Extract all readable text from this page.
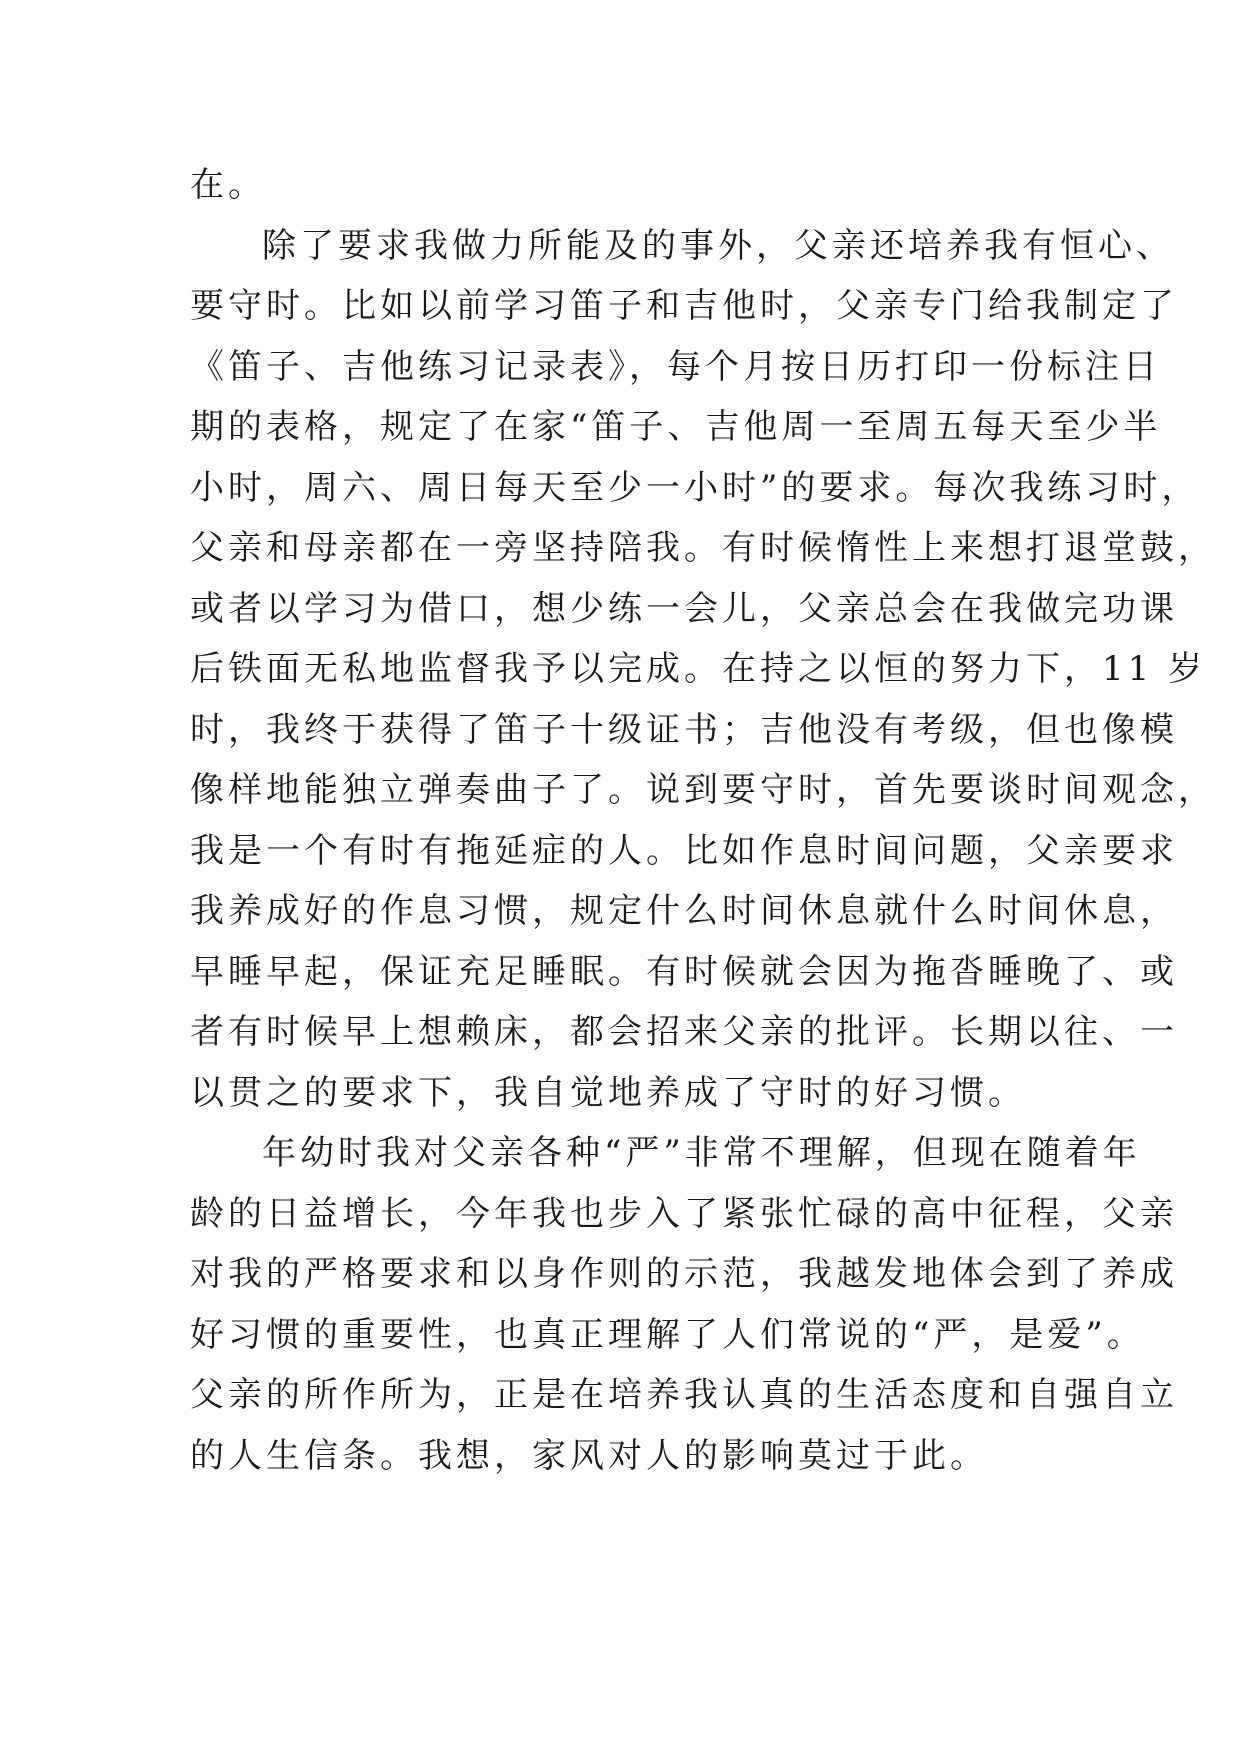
在。
除了要求我做力所能及的事外，父亲还培养我有恒心、
要守时。比如以前学习笛子和吉他时，父亲专门给我制定了
《笛子、吉他练习记录表》，每个月按日历打印一份标注日
期的表格，规定了在家“笛子、吉他周一至周五每天至少半
小时，周六、周日每天至少一小时”的要求。每次我练习时，
父亲和母亲都在一旁坚持陪我。有时候惰性上来想打退堂鼓，
或者以学习为借口，想少练一会儿，父亲总会在我做完功课
后铁面无私地监督我予以完成。在持之以恒的努力下，11 岁
时，我终于获得了笛子十级证书；吉他没有考级，但也像模
像样地能独立弹奏曲子了。说到要守时，首先要谈时间观念，
我是一个有时有拖延症的人。比如作息时间问题，父亲要求
我养成好的作息习惯，规定什么时间休息就什么时间休息，
早睡早起，保证充足睡眠。有时候就会因为拖沓睡晚了、或
者有时候早上想赖床，都会招来父亲的批评。长期以往、一
以贯之的要求下，我自觉地养成了守时的好习惯。
年幼时我对父亲各种“严”非常不理解，但现在随着年
龄的日益增长，今年我也步入了紧张忙碌的高中征程，父亲
对我的严格要求和以身作则的示范，我越发地体会到了养成
好习惯的重要性，也真正理解了人们常说的“严，是爱”。
父亲的所作所为，正是在培养我认真的生活态度和自强自立
的人生信条。我想，家风对人的影响莫过于此。
